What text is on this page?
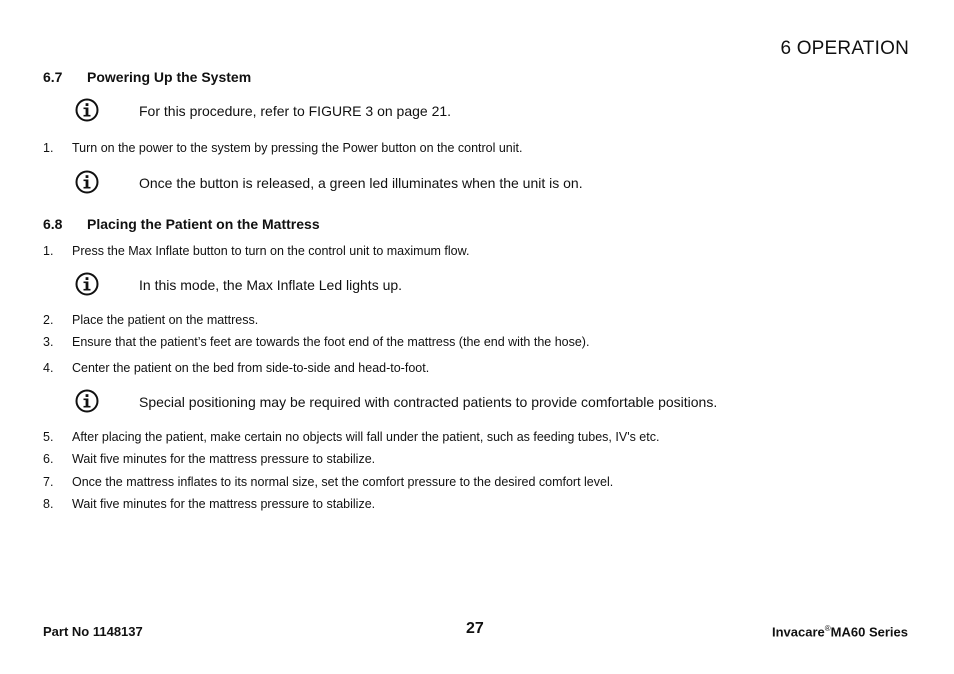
6 OPERATION
6.7 Powering Up the System
For this procedure, refer to FIGURE 3 on page 21.
1. Turn on the power to the system by pressing the Power button on the control unit.
Once the button is released, a green led illuminates when the unit is on.
6.8 Placing the Patient on the Mattress
1. Press the Max Inflate button to turn on the control unit to maximum flow.
In this mode, the Max Inflate Led lights up.
2. Place the patient on the mattress.
3. Ensure that the patient’s feet are towards the foot end of the mattress (the end with the hose).
4. Center the patient on the bed from side-to-side and head-to-foot.
Special positioning may be required with contracted patients to provide comfortable positions.
5. After placing the patient, make certain no objects will fall under the patient, such as feeding tubes, IV's etc.
6. Wait five minutes for the mattress pressure to stabilize.
7. Once the mattress inflates to its normal size, set the comfort pressure to the desired comfort level.
8. Wait five minutes for the mattress pressure to stabilize.
Part No 1148137	27	Invacare®MA60 Series
